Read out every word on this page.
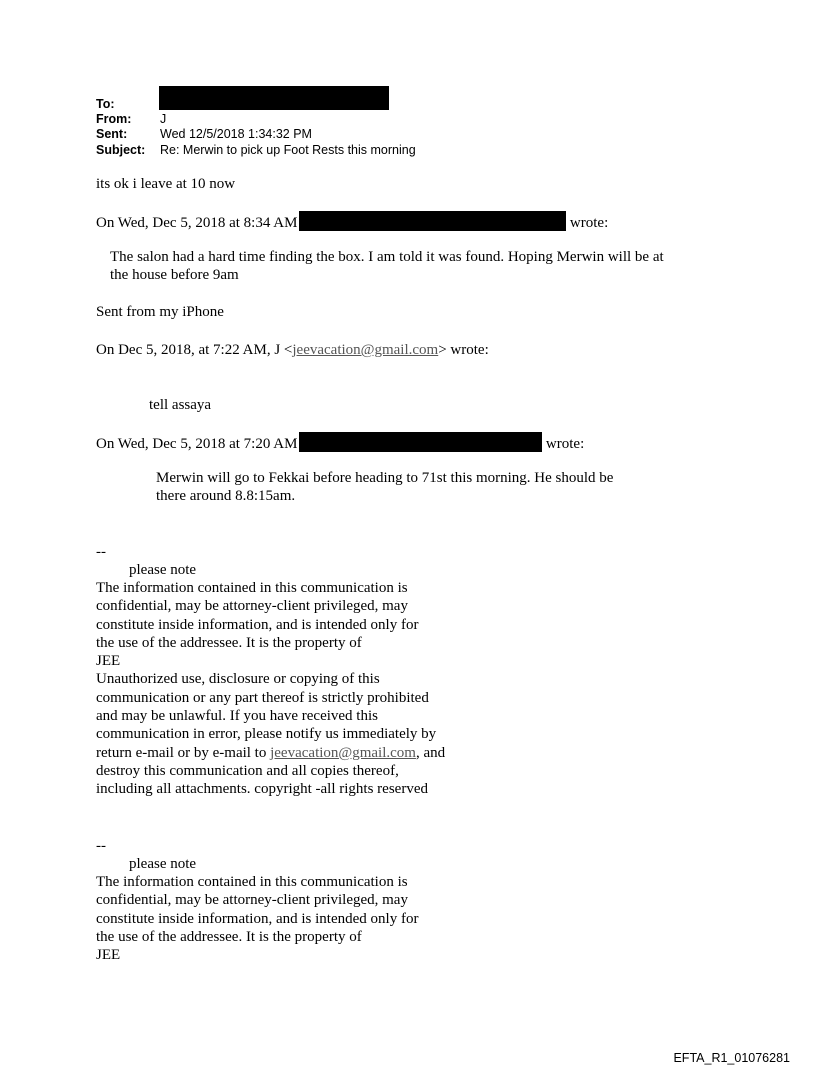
To:
From: J
Sent:	Wed 12/5/2018 1:34:32 PM
Subject: Re: Merwin to pick up Foot Rests this morning
its ok i leave at 10 now
On Wed, Dec 5, 2018 at 8:34 AM	wrote:
The salon had a hard time finding the box. I am told it was found. Hoping Merwin will be at
the house before 9am
Sent from my iPhone
On Dec 5, 2018, at 7:22 AM, J <jeevacation@gmail.com> wrote:
tell assaya
On Wed, Dec 5, 2018 at 7:20 AM	wrote:
Merwin will go to Fekkai before heading to 71st this morning. He should be
there around 8.8:15am.
--
please note
The information contained in this communication is
confidential, may be attorney-client privileged, may
constitute inside information, and is intended only for
the use of the addressee. It is the property of
JEE
Unauthorized use, disclosure or copying of this
communication or any part thereof is strictly prohibited
and may be unlawful. If you have received this
communication in error, please notify us immediately by
return e-mail or by e-mail to jeevacation@gmail.com, and
destroy this communication and all copies thereof,
including all attachments. copyright -all rights reserved
--
please note
The information contained in this communication is
confidential, may be attorney-client privileged, may
constitute inside information, and is intended only for
the use of the addressee. It is the property of
JEE
EFTA_R1_01076281
